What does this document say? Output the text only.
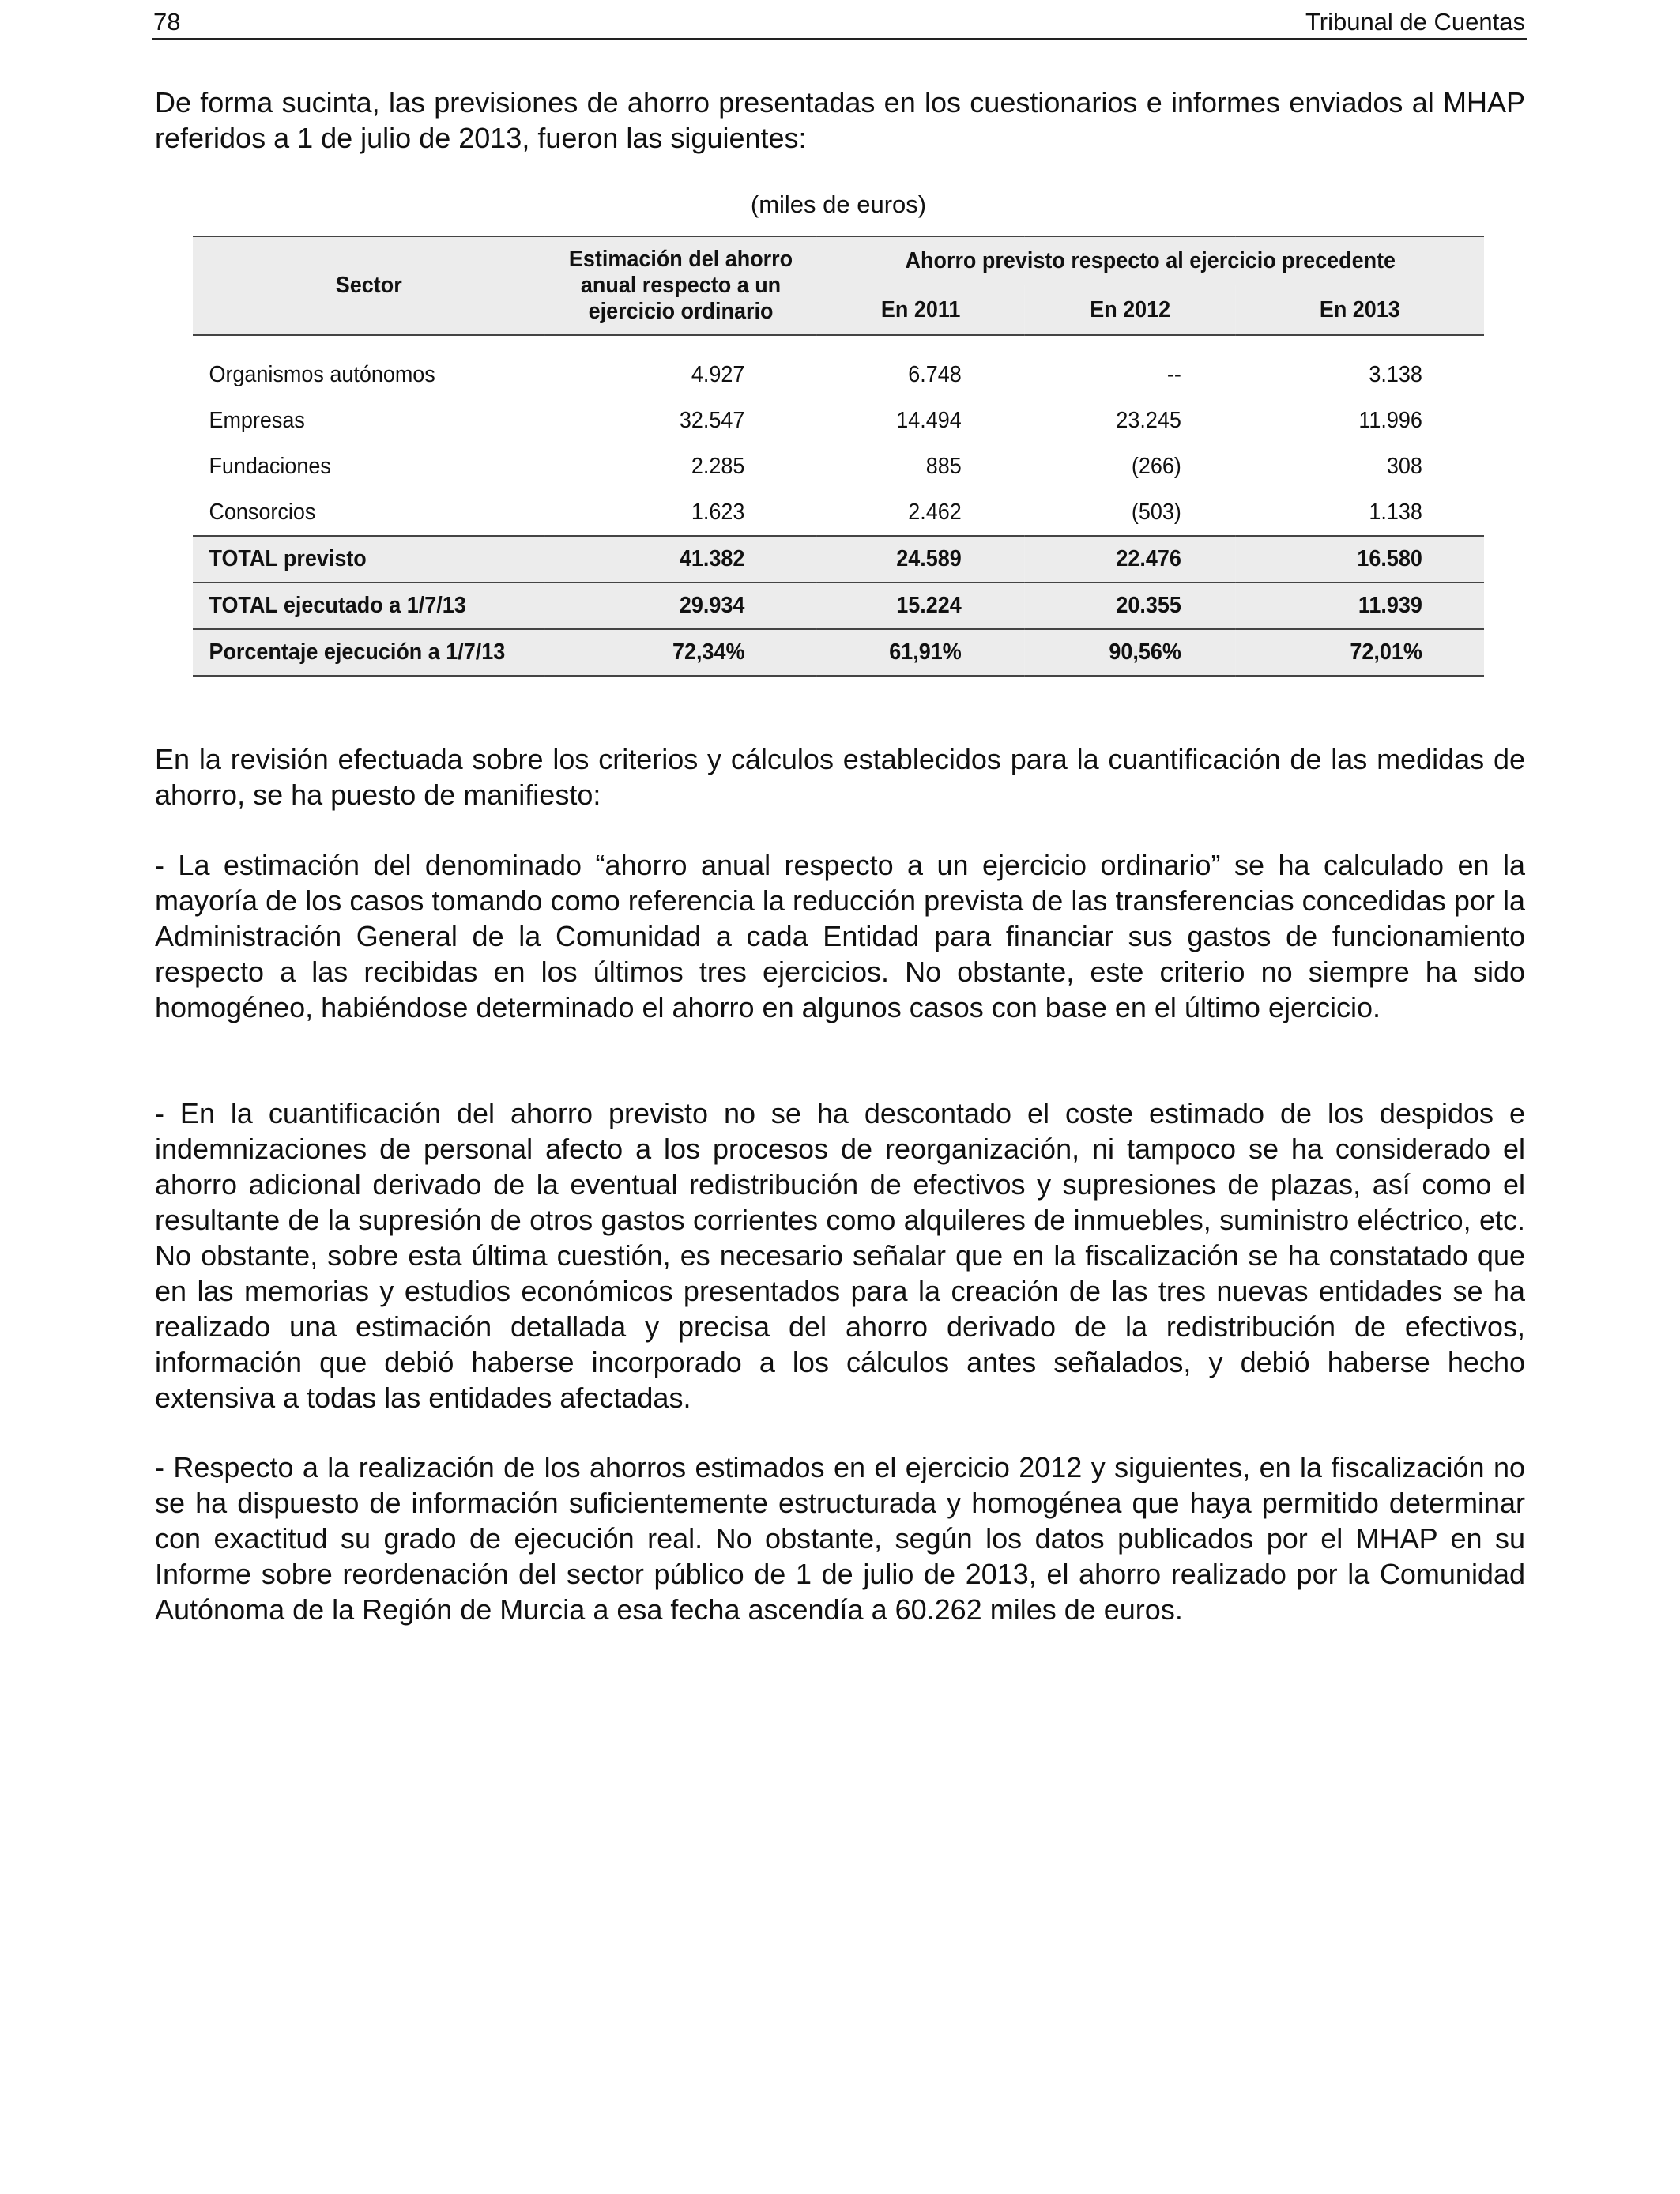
78	Tribunal de Cuentas

De forma sucinta, las previsiones de ahorro presentadas en los cuestionarios e informes enviados al MHAP referidos a 1 de julio de 2013, fueron las siguientes:

(miles de euros)
Sector	Estimación del ahorro anual respecto a un ejercicio ordinario	Ahorro previsto respecto al ejercicio precedente		
		En 2011	En 2012	En 2013
Organismos autónomos	4.927	6.748	--	3.138
Empresas	32.547	14.494	23.245	11.996
Fundaciones	2.285	885	(266)	308
Consorcios	1.623	2.462	(503)	1.138
TOTAL previsto	41.382	24.589	22.476	16.580
TOTAL ejecutado a 1/7/13	29.934	15.224	20.355	11.939
Porcentaje ejecución a 1/7/13	72,34%	61,91%	90,56%	72,01%

En la revisión efectuada sobre los criterios y cálculos establecidos para la cuantificación de las medidas de ahorro, se ha puesto de manifiesto:

- La estimación del denominado “ahorro anual respecto a un ejercicio ordinario” se ha calculado en la mayoría de los casos tomando como referencia la reducción prevista de las transferencias concedidas por la Administración General de la Comunidad a cada Entidad para financiar sus gastos de funcionamiento respecto a las recibidas en los últimos tres ejercicios. No obstante, este criterio no siempre ha sido homogéneo, habiéndose determinado el ahorro en algunos casos con base en el último ejercicio.

- En la cuantificación del ahorro previsto no se ha descontado el coste estimado de los despidos e indemnizaciones de personal afecto a los procesos de reorganización, ni tampoco se ha considerado el ahorro adicional derivado de la eventual redistribución de efectivos y supresiones de plazas, así como el resultante de la supresión de otros gastos corrientes como alquileres de inmuebles, suministro eléctrico, etc. No obstante, sobre esta última cuestión, es necesario señalar que en la fiscalización se ha constatado que en las memorias y estudios económicos presentados para la creación de las tres nuevas entidades se ha realizado una estimación detallada y precisa del ahorro derivado de la redistribución de efectivos, información que debió haberse incorporado a los cálculos antes señalados, y debió haberse hecho extensiva a todas las entidades afectadas.

- Respecto a la realización de los ahorros estimados en el ejercicio 2012 y siguientes, en la fiscalización no se ha dispuesto de información suficientemente estructurada y homogénea que haya permitido determinar con exactitud su grado de ejecución real. No obstante, según los datos publicados por el MHAP en su Informe sobre reordenación del sector público de 1 de julio de 2013, el ahorro realizado por la Comunidad Autónoma de la Región de Murcia a esa fecha ascendía a 60.262 miles de euros.
